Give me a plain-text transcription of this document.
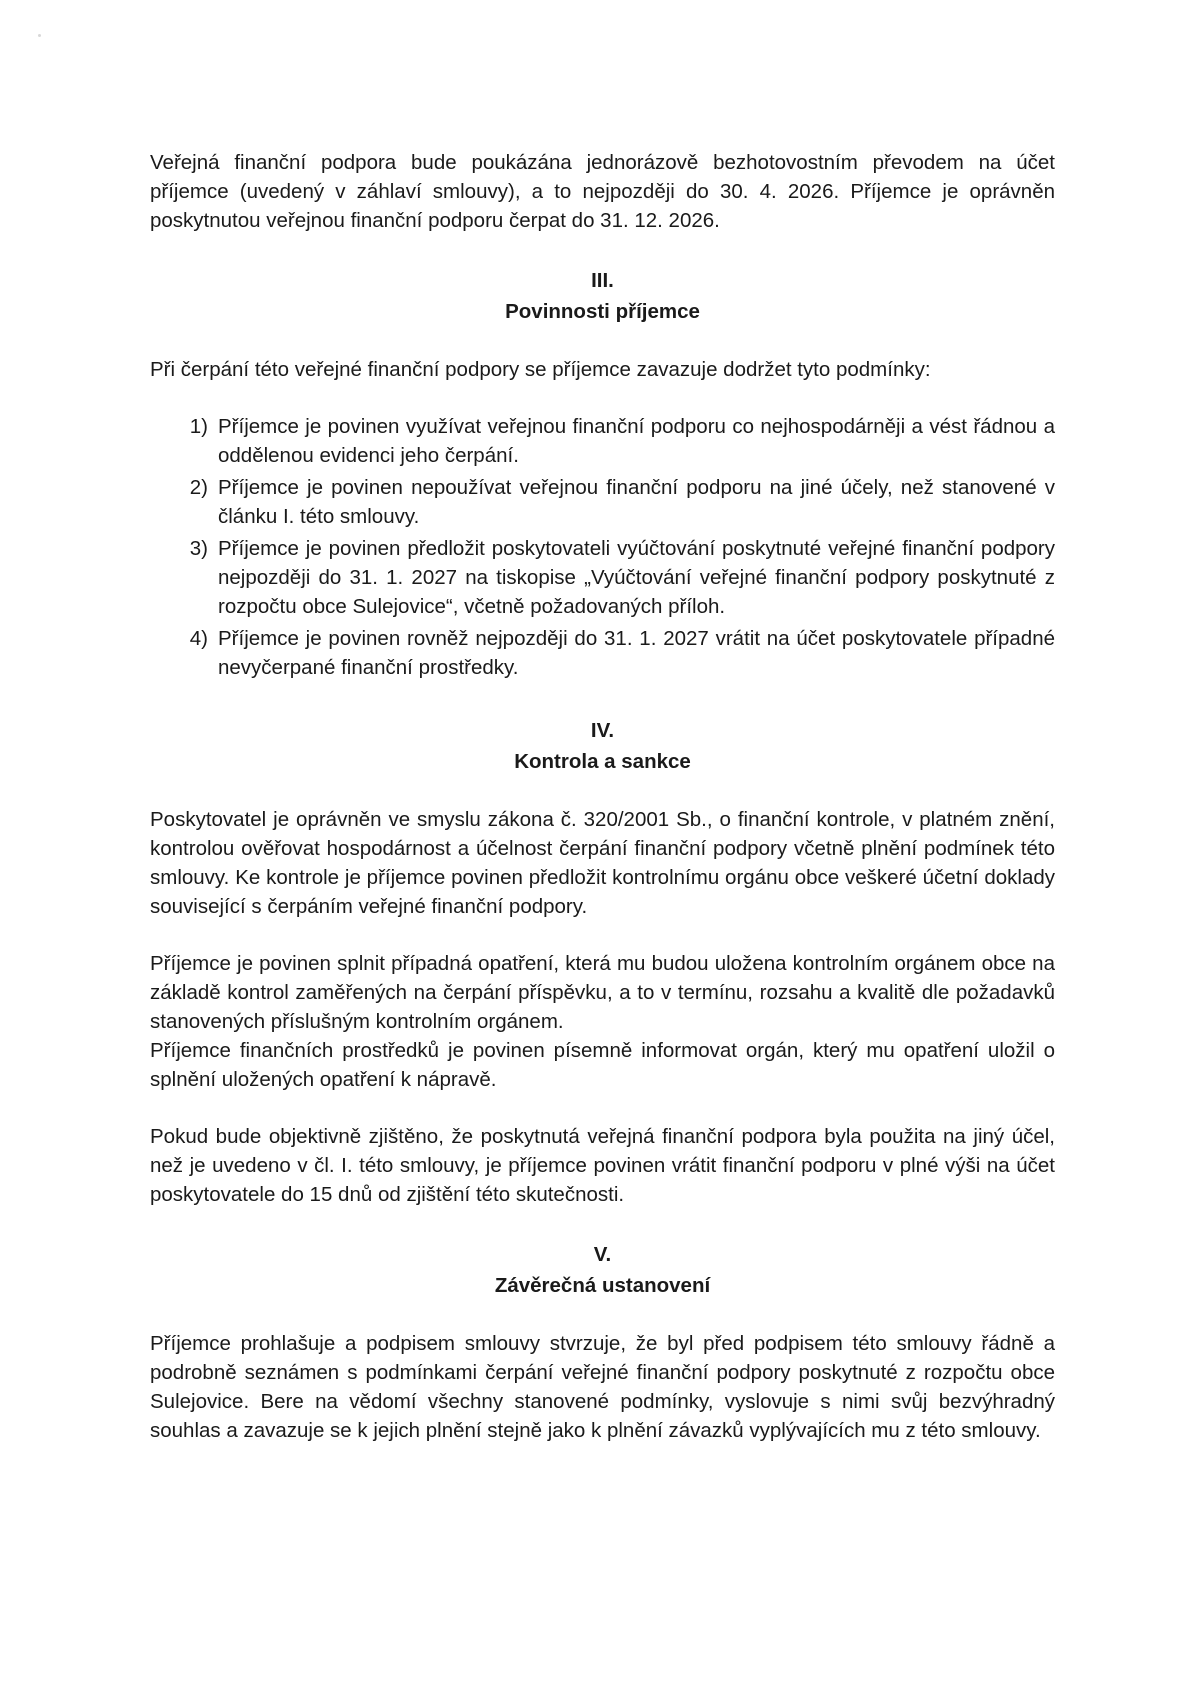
Veřejná finanční podpora bude poukázána jednorázově bezhotovostním převodem na účet příjemce (uvedený v záhlaví smlouvy), a to nejpozději do 30. 4. 2026. Příjemce je oprávněn poskytnutou veřejnou finanční podporu čerpat do 31. 12. 2026.

III.
Povinnosti příjemce

Při čerpání této veřejné finanční podpory se příjemce zavazuje dodržet tyto podmínky:

1) Příjemce je povinen využívat veřejnou finanční podporu co nejhospodárněji a vést řádnou a oddělenou evidenci jeho čerpání.
2) Příjemce je povinen nepoužívat veřejnou finanční podporu na jiné účely, než stanovené v článku I. této smlouvy.
3) Příjemce je povinen předložit poskytovateli vyúčtování poskytnuté veřejné finanční podpory nejpozději do 31. 1. 2027 na tiskopise „Vyúčtování veřejné finanční podpory poskytnuté z rozpočtu obce Sulejovice“, včetně požadovaných příloh.
4) Příjemce je povinen rovněž nejpozději do 31. 1. 2027 vrátit na účet poskytovatele případné nevyčerpané finanční prostředky.
IV.
Kontrola a sankce

Poskytovatel je oprávněn ve smyslu zákona č. 320/2001 Sb., o finanční kontrole, v platném znění, kontrolou ověřovat hospodárnost a účelnost čerpání finanční podpory včetně plnění podmínek této smlouvy. Ke kontrole je příjemce povinen předložit kontrolnímu orgánu obce veškeré účetní doklady související s čerpáním veřejné finanční podpory.

Příjemce je povinen splnit případná opatření, která mu budou uložena kontrolním orgánem obce na základě kontrol zaměřených na čerpání příspěvku, a to v termínu, rozsahu a kvalitě dle požadavků stanovených příslušným kontrolním orgánem.

Příjemce finančních prostředků je povinen písemně informovat orgán, který mu opatření uložil o splnění uložených opatření k nápravě.

Pokud bude objektivně zjištěno, že poskytnutá veřejná finanční podpora byla použita na jiný účel, než je uvedeno v čl. I. této smlouvy, je příjemce povinen vrátit finanční podporu v plné výši na účet poskytovatele do 15 dnů od zjištění této skutečnosti.

V.
Závěrečná ustanovení

Příjemce prohlašuje a podpisem smlouvy stvrzuje, že byl před podpisem této smlouvy řádně a podrobně seznámen s podmínkami čerpání veřejné finanční podpory poskytnuté z rozpočtu obce Sulejovice. Bere na vědomí všechny stanovené podmínky, vyslovuje s nimi svůj bezvýhradný souhlas a zavazuje se k jejich plnění stejně jako k plnění závazků vyplývajících mu z této smlouvy.
